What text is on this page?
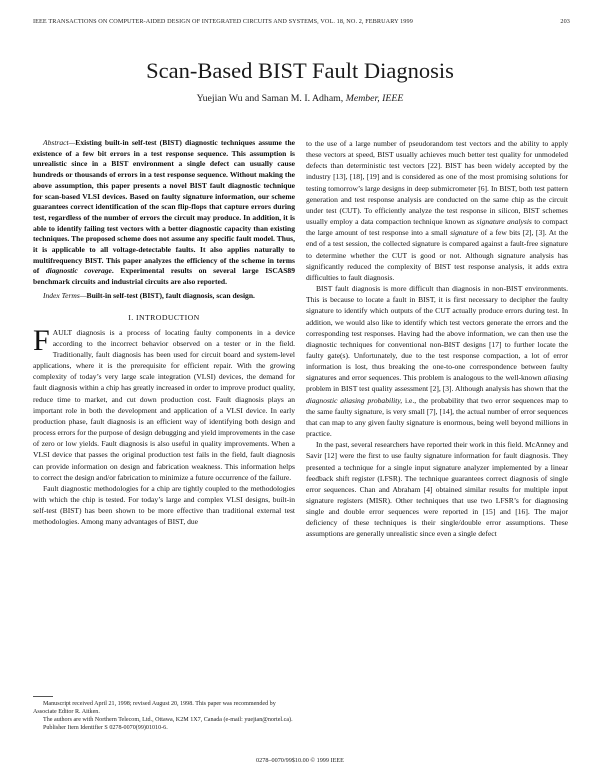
IEEE TRANSACTIONS ON COMPUTER-AIDED DESIGN OF INTEGRATED CIRCUITS AND SYSTEMS, VOL. 18, NO. 2, FEBRUARY 1999	203
Scan-Based BIST Fault Diagnosis
Yuejian Wu and Saman M. I. Adham, Member, IEEE

Abstract—Existing built-in self-test (BIST) diagnostic techniques assume the existence of a few bit errors in a test response sequence. This assumption is unrealistic since in a BIST environment a single defect can usually cause hundreds or thousands of errors in a test response sequence. Without making the above assumption, this paper presents a novel BIST fault diagnostic technique for scan-based VLSI devices. Based on faulty signature information, our scheme guarantees correct identification of the scan flip-flops that capture errors during test, regardless of the number of errors the circuit may produce. In addition, it is able to identify failing test vectors with a better diagnostic capacity than existing techniques. The proposed scheme does not assume any specific fault model. Thus, it is applicable to all voltage-detectable faults. It also applies naturally to multifrequency BIST. This paper analyzes the efficiency of the scheme in terms of diagnostic coverage. Experimental results on several large ISCAS89 benchmark circuits and industrial circuits are also reported.

Index Terms—Built-in self-test (BIST), fault diagnosis, scan design.

I. INTRODUCTION

FAULT diagnosis is a process of locating faulty components in a device according to the incorrect behavior observed on a tester or in the field. Traditionally, fault diagnosis has been used for circuit board and system-level applications, where it is the prerequisite for efficient repair. With the growing complexity of today’s very large scale integration (VLSI) devices, the demand for fault diagnosis within a chip has greatly increased in order to improve product quality, reduce time to market, and cut down production cost. Fault diagnosis plays an important role in both the development and application of a VLSI device. In early production phase, fault diagnosis is an efficient way of identifying both design and process errors for the purpose of design debugging and yield improvements in the case of zero or low yields. Fault diagnosis is also useful in quality improvements. When a VLSI device that passes the original production test fails in the field, fault diagnosis can provide information on design and fabrication weakness. This information helps to correct the design and/or fabrication to minimize a future occurrence of the failure.

Fault diagnostic methodologies for a chip are tightly coupled to the methodologies with which the chip is tested. For today’s large and complex VLSI designs, built-in self-test (BIST) has been shown to be more effective than traditional external test methodologies. Among many advantages of BIST, due

Manuscript received April 21, 1998; revised August 20, 1998. This paper was recommended by Associate Editor R. Aitken.

The authors are with Northern Telecom, Ltd., Ottawa, K2M 1X7, Canada (e-mail: yuejian@nortel.ca).

Publisher Item Identifier S 0278-0070(99)01010-6.

to the use of a large number of pseudorandom test vectors and the ability to apply these vectors at speed, BIST usually achieves much better test quality for unmodeled defects than deterministic test vectors [22]. BIST has been widely accepted by the industry [13], [18], [19] and is considered as one of the most promising solutions for testing tomorrow’s large designs in deep submicrometer [6]. In BIST, both test pattern generation and test response analysis are conducted on the same chip as the circuit under test (CUT). To efficiently analyze the test response in silicon, BIST schemes usually employ a data compaction technique known as signature analysis to compact the large amount of test response into a small signature of a few bits [2], [3]. At the end of a test session, the collected signature is compared against a fault-free signature to determine whether the CUT is good or not. Although signature analysis has significantly reduced the complexity of BIST test response analysis, it adds extra difficulties to fault diagnosis.

BIST fault diagnosis is more difficult than diagnosis in non-BIST environments. This is because to locate a fault in BIST, it is first necessary to decipher the faulty signature to identify which outputs of the CUT actually produce errors during test. In addition, we would also like to identify which test vectors generate the errors and the corresponding test responses. Having had the above information, we can then use the diagnostic techniques for conventional non-BIST designs [17] to further locate the faulty gate(s). Unfortunately, due to the test response compaction, a lot of error information is lost, thus breaking the one-to-one correspondence between faulty signatures and error sequences. This problem is analogous to the well-known aliasing problem in BIST test quality assessment [2], [3]. Although analysis has shown that the diagnostic aliasing probability, i.e., the probability that two error sequences map to the same faulty signature, is very small [7], [14], the actual number of error sequences that can map to any given faulty signature is enormous, being well beyond millions in practice.

In the past, several researchers have reported their work in this field. McAnney and Savir [12] were the first to use faulty signature information for fault diagnosis. They presented a technique for a single input signature analyzer implemented by a linear feedback shift register (LFSR). The technique guarantees correct diagnosis of single error sequences. Chan and Abraham [4] obtained similar results for multiple input signature registers (MISR). Other techniques that use two LFSR’s for diagnosing single and double error sequences were reported in [15] and [16]. The major deficiency of these techniques is their single/double error assumptions. These assumptions are generally unrealistic since even a single defect

0278–0070/99$10.00 © 1999 IEEE
